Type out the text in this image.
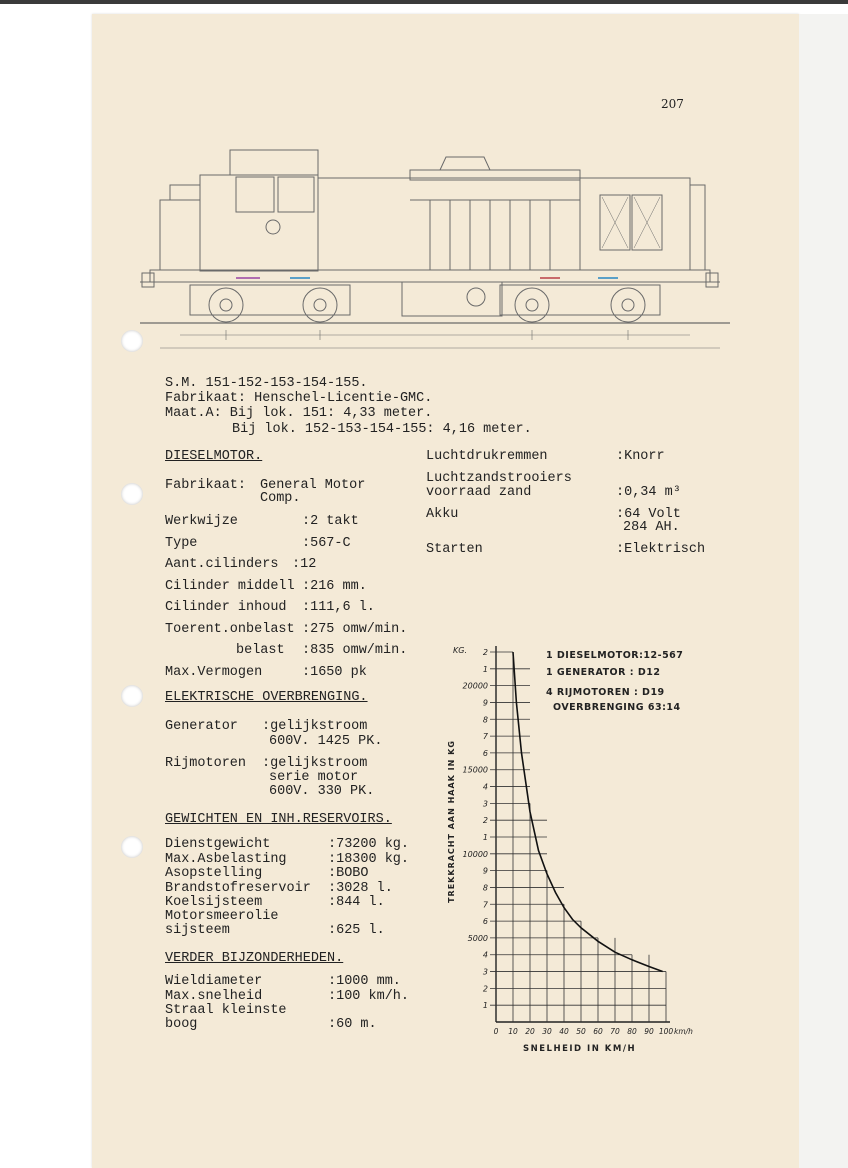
207
S.M. 151-152-153-154-155.
Fabrikaat: Henschel-Licentie-GMC.
Maat.A: Bij lok. 151: 4,33 meter.
Bij lok. 152-153-154-155: 4,16 meter.
DIESELMOTOR.
Fabrikaat: General Motor
Comp.
Werkwijze	:2 takt
Type	:567-C
Aant.cilinders :12
Cilinder middell :216 mm.
Cilinder inhoud :111,6 l.
Toerent.onbelast :275 omw/min.
belast :835 omw/min.
Max.Vermogen	:1650 pk
ELEKTRISCHE OVERBRENGING.
Generator :gelijkstroom
600V. 1425 PK.
Rijmotoren :gelijkstroom
serie motor
600V. 330 PK.
GEWICHTEN EN INH.RESERVOIRS.
Dienstgewicht	:73200 kg.
Max.Asbelasting	:18300 kg.
Asopstelling	:BOBO
Brandstofreservoir :3028 l.
Koelsijsteem	:844 l.
Motorsmeerolie
sijsteem	:625 l.
VERDER BIJZONDERHEDEN.
Wieldiameter	:1000 mm.
Max.snelheid	:100 km/h.
Straal kleinste
boog	:60 m.
Luchtdrukremmen	:Knorr
Luchtzandstrooiers
voorraad zand	:0,34 m³
Akku	:64 Volt
284 AH.
Starten	:Elektrisch
1
2
3
4
5000
6
7
8
9
10000
1
2
3
4
15000
6
7
8
9
20000
1
2
0 10 20 30 40 50 60 70 80 90 100 km/h
KG.	1 DIESELMOTOR:12-567
1 GENERATOR : D12
4 RIJMOTOREN : D19
OVERBRENGING 63:14
SNELHEID IN KM/H
TREKKRACHT AAN HAAK IN KG
